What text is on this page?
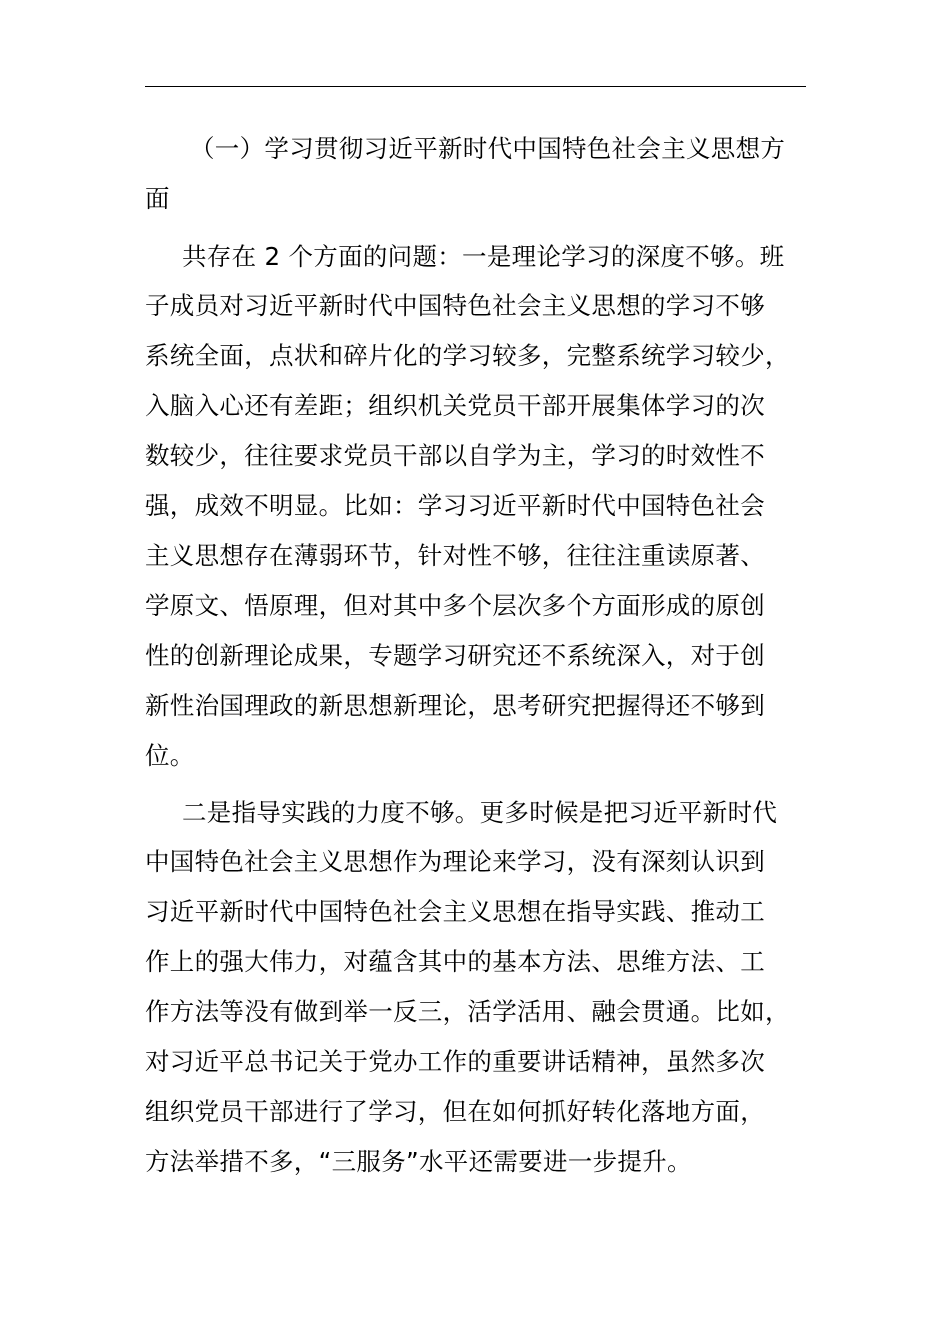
（一）学习贯彻习近平新时代中国特色社会主义思想方

面

共存在 2 个方面的问题：一是理论学习的深度不够。班

子成员对习近平新时代中国特色社会主义思想的学习不够

系统全面，点状和碎片化的学习较多，完整系统学习较少，

入脑入心还有差距；组织机关党员干部开展集体学习的次

数较少，往往要求党员干部以自学为主，学习的时效性不

强，成效不明显。比如：学习习近平新时代中国特色社会

主义思想存在薄弱环节，针对性不够，往往注重读原著、

学原文、悟原理，但对其中多个层次多个方面形成的原创

性的创新理论成果，专题学习研究还不系统深入，对于创

新性治国理政的新思想新理论，思考研究把握得还不够到

位。

二是指导实践的力度不够。更多时候是把习近平新时代

中国特色社会主义思想作为理论来学习，没有深刻认识到

习近平新时代中国特色社会主义思想在指导实践、推动工

作上的强大伟力，对蕴含其中的基本方法、思维方法、工

作方法等没有做到举一反三，活学活用、融会贯通。比如，

对习近平总书记关于党办工作的重要讲话精神，虽然多次

组织党员干部进行了学习，但在如何抓好转化落地方面，

方法举措不多，“三服务”水平还需要进一步提升。
